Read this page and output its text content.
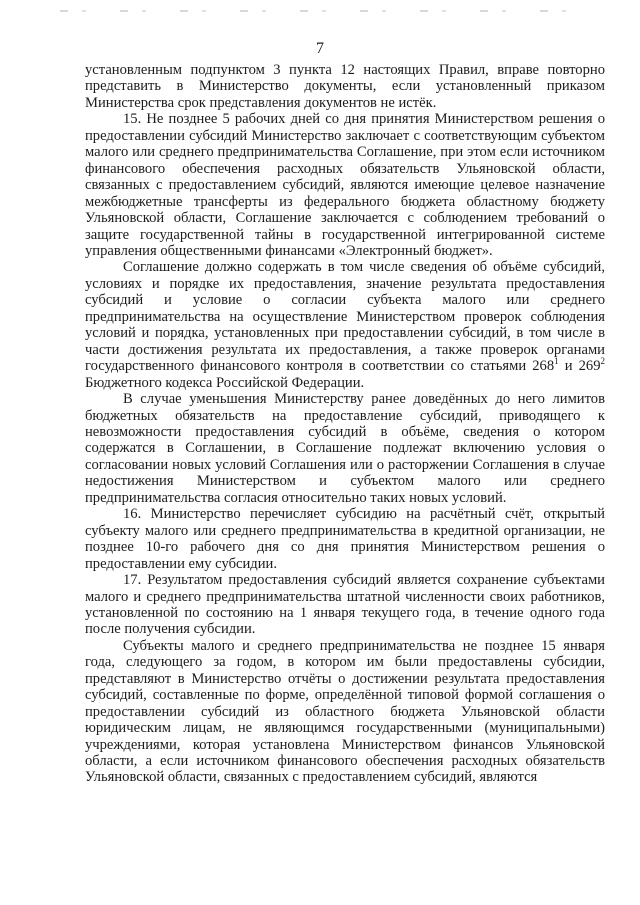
7

установленным подпунктом 3 пункта 12 настоящих Правил, вправе повторно представить в Министерство документы, если установленный приказом Министерства срок представления документов не истёк.

15. Не позднее 5 рабочих дней со дня принятия Министерством решения о предоставлении субсидий Министерство заключает с соответствующим субъектом малого или среднего предпринимательства Соглашение, при этом если источником финансового обеспечения расходных обязательств Ульяновской области, связанных с предоставлением субсидий, являются имеющие целевое назначение межбюджетные трансферты из федерального бюджета областному бюджету Ульяновской области, Соглашение заключается с соблюдением требований о защите государственной тайны в государственной интегрированной системе управления общественными финансами «Электронный бюджет».

Соглашение должно содержать в том числе сведения об объёме субсидий, условиях и порядке их предоставления, значение результата предоставления субсидий и условие о согласии субъекта малого или среднего предпринимательства на осуществление Министерством проверок соблюдения условий и порядка, установленных при предоставлении субсидий, в том числе в части достижения результата их предоставления, а также проверок органами государственного финансового контроля в соответствии со статьями $268^1$ и $269^2$ Бюджетного кодекса Российской Федерации.

В случае уменьшения Министерству ранее доведённых до него лимитов бюджетных обязательств на предоставление субсидий, приводящего к невозможности предоставления субсидий в объёме, сведения о котором содержатся в Соглашении, в Соглашение подлежат включению условия о согласовании новых условий Соглашения или о расторжении Соглашения в случае недостижения Министерством и субъектом малого или среднего предпринимательства согласия относительно таких новых условий.

16. Министерство перечисляет субсидию на расчётный счёт, открытый субъекту малого или среднего предпринимательства в кредитной организации, не позднее 10-го рабочего дня со дня принятия Министерством решения о предоставлении ему субсидии.

17. Результатом предоставления субсидий является сохранение субъектами малого и среднего предпринимательства штатной численности своих работников, установленной по состоянию на 1 января текущего года, в течение одного года после получения субсидии.

Субъекты малого и среднего предпринимательства не позднее 15 января года, следующего за годом, в котором им были предоставлены субсидии, представляют в Министерство отчёты о достижении результата предоставления субсидий, составленные по форме, определённой типовой формой соглашения о предоставлении субсидий из областного бюджета Ульяновской области юридическим лицам, не являющимся государственными (муниципальными) учреждениями, которая установлена Министерством финансов Ульяновской области, а если источником финансового обеспечения расходных обязательств Ульяновской области, связанных с предоставлением субсидий, являются
